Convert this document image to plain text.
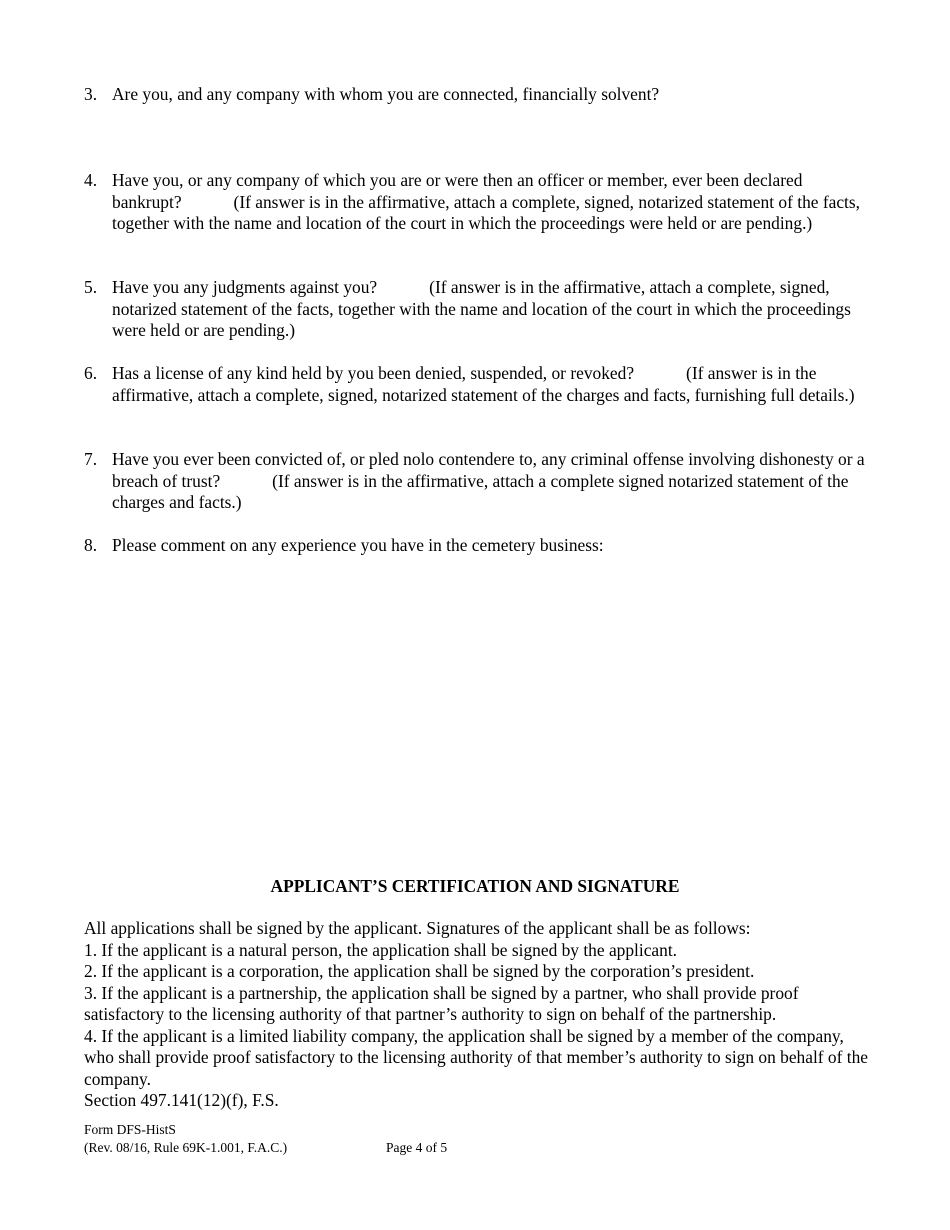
3. Are you, and any company with whom you are connected, financially solvent?
4. Have you, or any company of which you are or were then an officer or member, ever been declared bankrupt?	(If answer is in the affirmative, attach a complete, signed, notarized statement of the facts, together with the name and location of the court in which the proceedings were held or are pending.)
5. Have you any judgments against you?	(If answer is in the affirmative, attach a complete, signed, notarized statement of the facts, together with the name and location of the court in which the proceedings were held or are pending.)
6. Has a license of any kind held by you been denied, suspended, or revoked?	(If answer is in the affirmative, attach a complete, signed, notarized statement of the charges and facts, furnishing full details.)
7. Have you ever been convicted of, or pled nolo contendere to, any criminal offense involving dishonesty or a breach of trust?	(If answer is in the affirmative, attach a complete signed notarized statement of the charges and facts.)
8. Please comment on any experience you have in the cemetery business:
APPLICANT’S CERTIFICATION AND SIGNATURE
All applications shall be signed by the applicant. Signatures of the applicant shall be as follows:
1. If the applicant is a natural person, the application shall be signed by the applicant.
2. If the applicant is a corporation, the application shall be signed by the corporation’s president.
3. If the applicant is a partnership, the application shall be signed by a partner, who shall provide proof satisfactory to the licensing authority of that partner’s authority to sign on behalf of the partnership.
4. If the applicant is a limited liability company, the application shall be signed by a member of the company, who shall provide proof satisfactory to the licensing authority of that member’s authority to sign on behalf of the company.
Section 497.141(12)(f), F.S.
Form DFS-HistS
(Rev. 08/16, Rule 69K-1.001, F.A.C.)	Page 4 of 5
